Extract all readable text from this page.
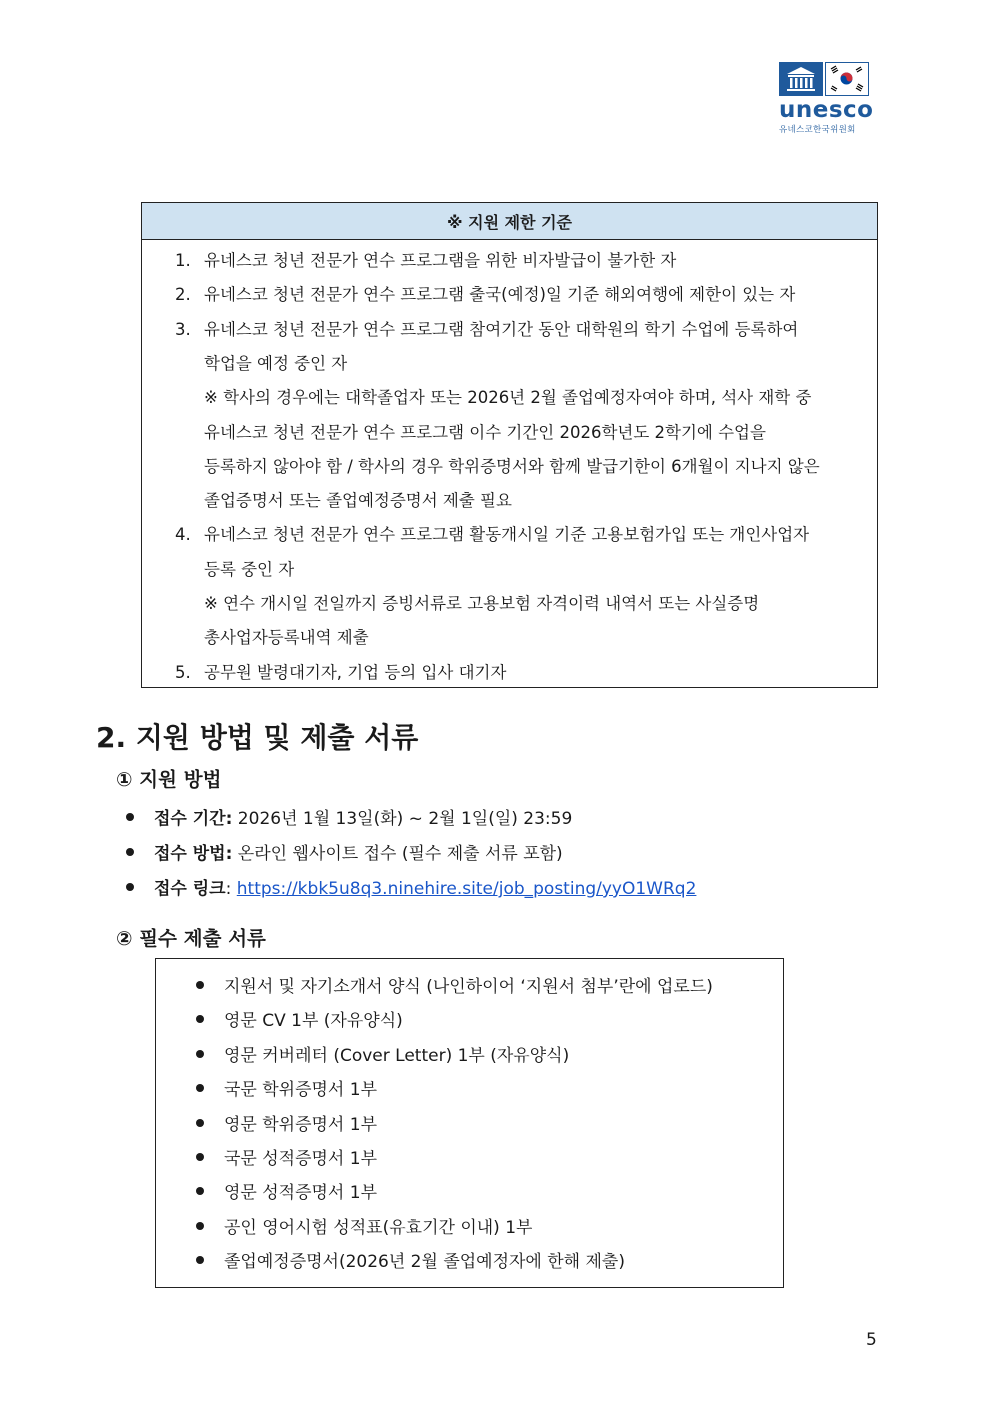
unesco
유네스코한국위원회
※ 지원 제한 기준
1. 유네스코 청년 전문가 연수 프로그램을 위한 비자발급이 불가한 자
2. 유네스코 청년 전문가 연수 프로그램 출국(예정)일 기준 해외여행에 제한이 있는 자
3. 유네스코 청년 전문가 연수 프로그램 참여기간 동안 대학원의 학기 수업에 등록하여
학업을 예정 중인 자
※ 학사의 경우에는 대학졸업자 또는 2026년 2월 졸업예정자여야 하며, 석사 재학 중
유네스코 청년 전문가 연수 프로그램 이수 기간인 2026학년도 2학기에 수업을
등록하지 않아야 함 / 학사의 경우 학위증명서와 함께 발급기한이 6개월이 지나지 않은
졸업증명서 또는 졸업예정증명서 제출 필요
4. 유네스코 청년 전문가 연수 프로그램 활동개시일 기준 고용보험가입 또는 개인사업자
등록 중인 자
※ 연수 개시일 전일까지 증빙서류로 고용보험 자격이력 내역서 또는 사실증명
총사업자등록내역 제출
5. 공무원 발령대기자, 기업 등의 입사 대기자
2. 지원 방법 및 제출 서류
① 지원 방법
접수 기간: 2026년 1월 13일(화) ~ 2월 1일(일) 23:59
접수 방법: 온라인 웹사이트 접수 (필수 제출 서류 포함)
접수 링크: https://kbk5u8q3.ninehire.site/job_posting/yyO1WRq2
② 필수 제출 서류
지원서 및 자기소개서 양식 (나인하이어 ‘지원서 첨부’란에 업로드)
영문 CV 1부 (자유양식)
영문 커버레터 (Cover Letter) 1부 (자유양식)
국문 학위증명서 1부
영문 학위증명서 1부
국문 성적증명서 1부
영문 성적증명서 1부
공인 영어시험 성적표(유효기간 이내) 1부
졸업예정증명서(2026년 2월 졸업예정자에 한해 제출)
5
